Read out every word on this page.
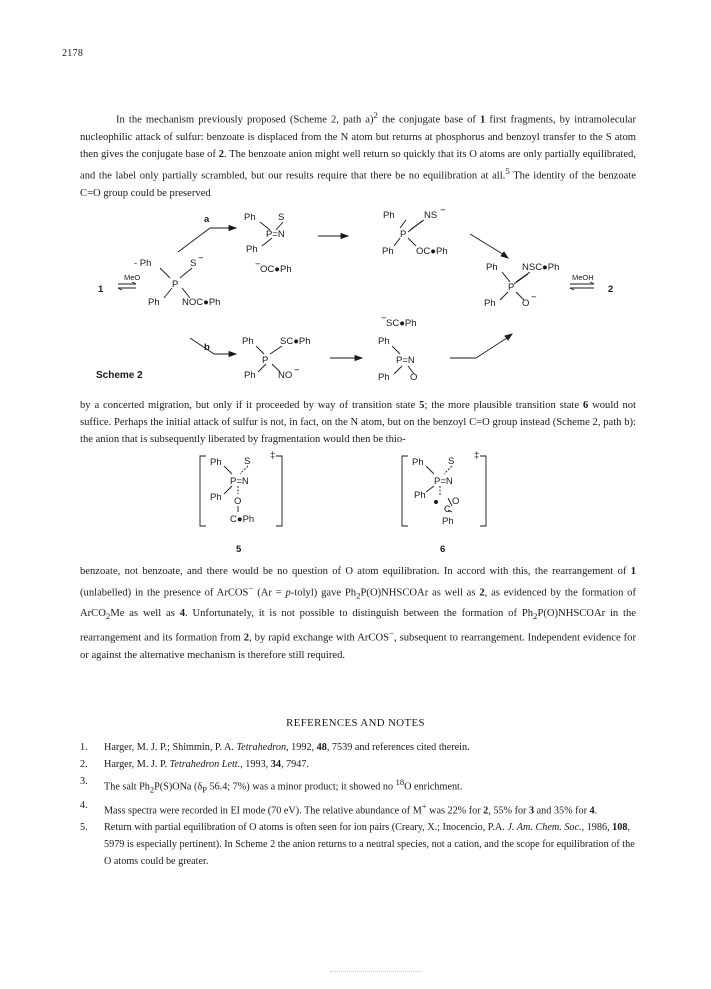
2178

In the mechanism previously proposed (Scheme 2, path a)$^2$ the conjugate base of 1 first fragments, by intramolecular nucleophilic attack of sulfur: benzoate is displaced from the N atom but returns at phosphorus and benzoyl transfer to the S atom then gives the conjugate base of 2. The benzoate anion might well return so quickly that its O atoms are only partially equilibrated, and the label only partially scrambled, but our results require that there be no equilibration at all.$^5$ The identity of the benzoate C=O group could be preserved

a	Ph S
P=N
Ph
Ph	NS −
P
Ph OC●Ph
- Ph	S −
MeO
1	P
Ph NOC●Ph
OC●Ph
−	Ph	NSC●Ph
P
Ph	O
−
MeOH
2
SC●Ph
−
b
Ph	SC●Ph
P
Ph NO −
Ph
P=N
Ph O
Scheme 2

by a concerted migration, but only if it proceeded by way of transition state 5; the more plausible transition state 6 would not suffice. Perhaps the initial attack of sulfur is not, in fact, on the N atom, but on the benzoyl C=O group instead (Scheme 2, path b): the anion that is subsequently liberated by fragmentation would then be thio-

Ph S
P=N
Ph O
C●Ph
‡
5
Ph	S
P=N
Ph
O
C
Ph
‡
6

benzoate, not benzoate, and there would be no question of O atom equilibration. In accord with this, the rearrangement of 1 (unlabelled) in the presence of ArCOS− (Ar = p-tolyl) gave $Ph_2P(O)NHSCOAr$ as well as 2, as evidenced by the formation of ArCO$_2$Me as well as 4. Unfortunately, it is not possible to distinguish between the formation of $Ph_2P(O)NHSCOAr$ in the rearrangement and its formation from 2, by rapid exchange with ArCOS−, subsequent to rearrangement. Independent evidence for or against the alternative mechanism is therefore still required.

REFERENCES AND NOTES
1.	Harger, M. J. P.; Shimmin, P. A. Tetrahedron, 1992, 48, 7539 and references cited therein.
2.	Harger, M. J. P. Tetrahedron Lett., 1993, 34, 7947.
3.	The salt $Ph_2P(S)ONa$ ($\delta_P$ 56.4; 7%) was a minor product; it showed no $^{18}$O enrichment.
4.	Mass spectra were recorded in EI mode (70 eV). The relative abundance of M+ was 22% for 2, 55% for 3 and 35% for 4.
5.	Return with partial equilibration of O atoms is often seen for ion pairs (Creary, X.; Inocencio, P.A. J. Am. Chem. Soc., 1986, 108, 5979 is especially pertinent). In Scheme 2 the anion returns to a neutral species, not a cation, and the scope for equilibration of the O atoms could be greater.
